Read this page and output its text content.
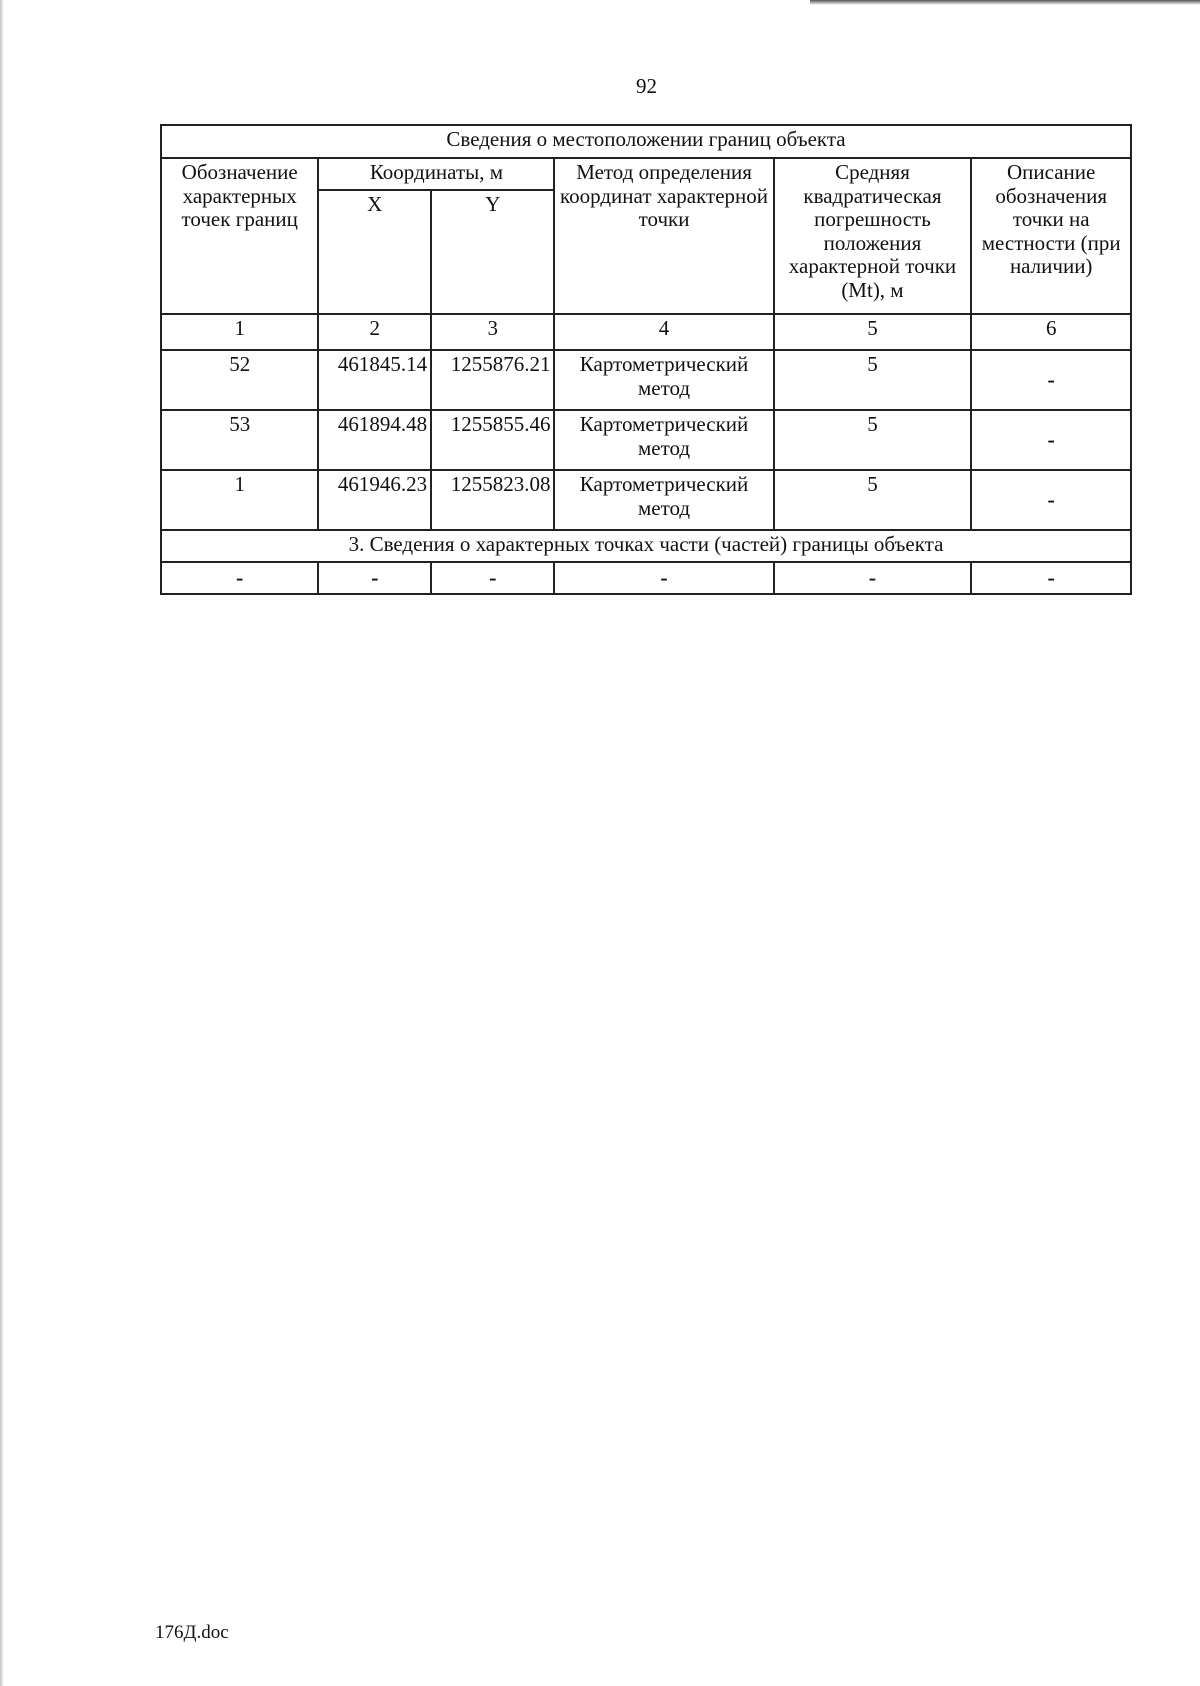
92
Сведения о местоположении границ объекта					
Обозначение характерных точек границ	Координаты, м		Метод определения координат характерной точки	Средняя квадратическая погрешность положения характерной точки (Mt), м	Описание обозначения точки на местности (при наличии)
	X	Y			
1	2	3	4	5	6
52	461845.14	1255876.21	Картометрический метод	5	-
53	461894.48	1255855.46	Картометрический метод	5	-
1	461946.23	1255823.08	Картометрический метод	5	-
3. Сведения о характерных точках части (частей) границы объекта					
-	-	-	-	-	-
176Д.doc
